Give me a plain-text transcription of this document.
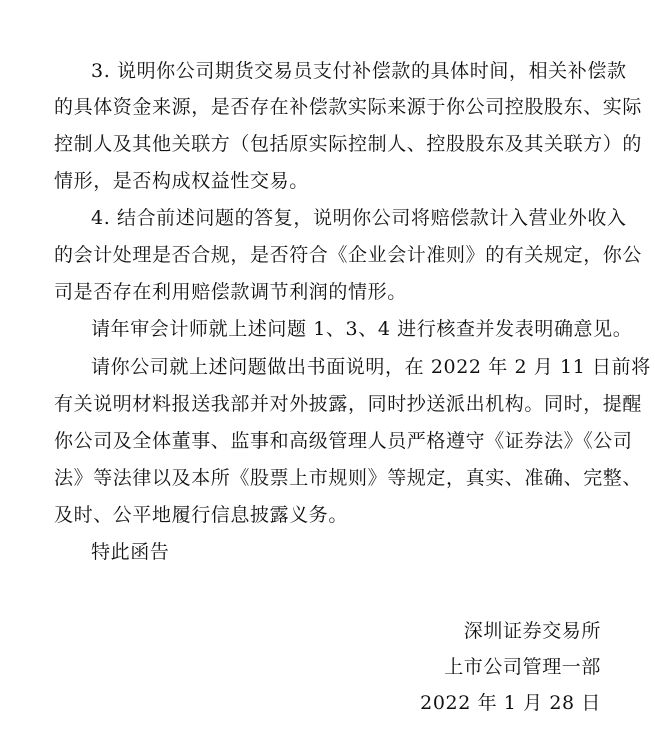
3. 说明你公司期货交易员支付补偿款的具体时间，相关补偿款
的具体资金来源，是否存在补偿款实际来源于你公司控股股东、实际
控制人及其他关联方（包括原实际控制人、控股股东及其关联方）的
情形，是否构成权益性交易。
4. 结合前述问题的答复，说明你公司将赔偿款计入营业外收入
的会计处理是否合规，是否符合《企业会计准则》的有关规定，你公
司是否存在利用赔偿款调节利润的情形。
请年审会计师就上述问题 1、3、4 进行核查并发表明确意见。
请你公司就上述问题做出书面说明，在 2022 年 2 月 11 日前将
有关说明材料报送我部并对外披露，同时抄送派出机构。同时，提醒
你公司及全体董事、监事和高级管理人员严格遵守《证券法》《公司
法》等法律以及本所《股票上市规则》等规定，真实、准确、完整、
及时、公平地履行信息披露义务。
特此函告
深圳证券交易所
上市公司管理一部
2022 年 1 月 28 日
